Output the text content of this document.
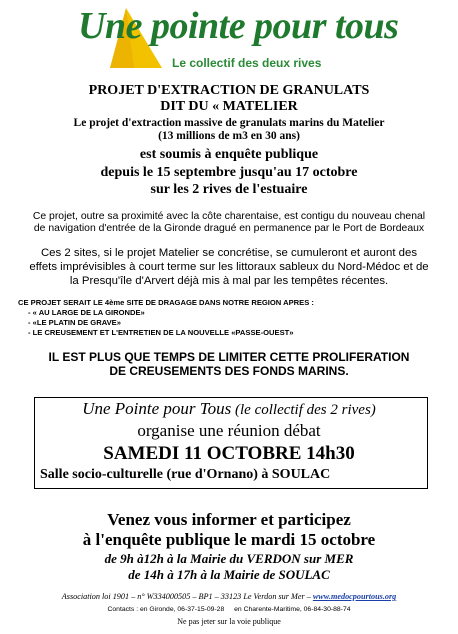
Une pointe pour tous
Le collectif des deux rives
PROJET D'EXTRACTION DE GRANULATS
DIT DU « MATELIER
Le projet d'extraction massive de granulats marins du Matelier
(13 millions de m3 en 30 ans)
est soumis à enquête publique
depuis le 15 septembre jusqu'au 17 octobre
sur les 2 rives de l'estuaire
Ce projet, outre sa proximité avec la côte charentaise, est contigu du nouveau chenal
de navigation d'entrée de la Gironde dragué en permanence par le Port de Bordeaux
Ces 2 sites, si le projet Matelier se concrétise, se cumuleront et auront des
effets imprévisibles à court terme sur les littoraux sableux du Nord-Médoc et de
la Presqu'île d'Arvert déjà mis à mal par les tempêtes récentes.
CE PROJET SERAIT LE 4ème SITE DE DRAGAGE DANS NOTRE REGION APRES :
- « AU LARGE DE LA GIRONDE»
- «LE PLATIN DE GRAVE»
- LE CREUSEMENT ET L'ENTRETIEN DE LA NOUVELLE «PASSE-OUEST»
IL EST PLUS QUE TEMPS DE LIMITER CETTE PROLIFERATION
DE CREUSEMENTS DES FONDS MARINS.
Une Pointe pour Tous (le collectif des 2 rives)
organise une réunion débat
SAMEDI 11 OCTOBRE 14h30
Salle socio-culturelle (rue d'Ornano) à SOULAC
Venez vous informer et participez
à l'enquête publique le mardi 15 octobre
de 9h à12h à la Mairie du VERDON sur MER
de 14h à 17h à la Mairie de SOULAC
Association loi 1901 – n° W334000505 – BP1 – 33123 Le Verdon sur Mer – www.medocpourtous.org
Contacts : en Gironde, 06-37-15-09-28 en Charente-Maritime, 06-84-30-88-74
Ne pas jeter sur la voie publique
